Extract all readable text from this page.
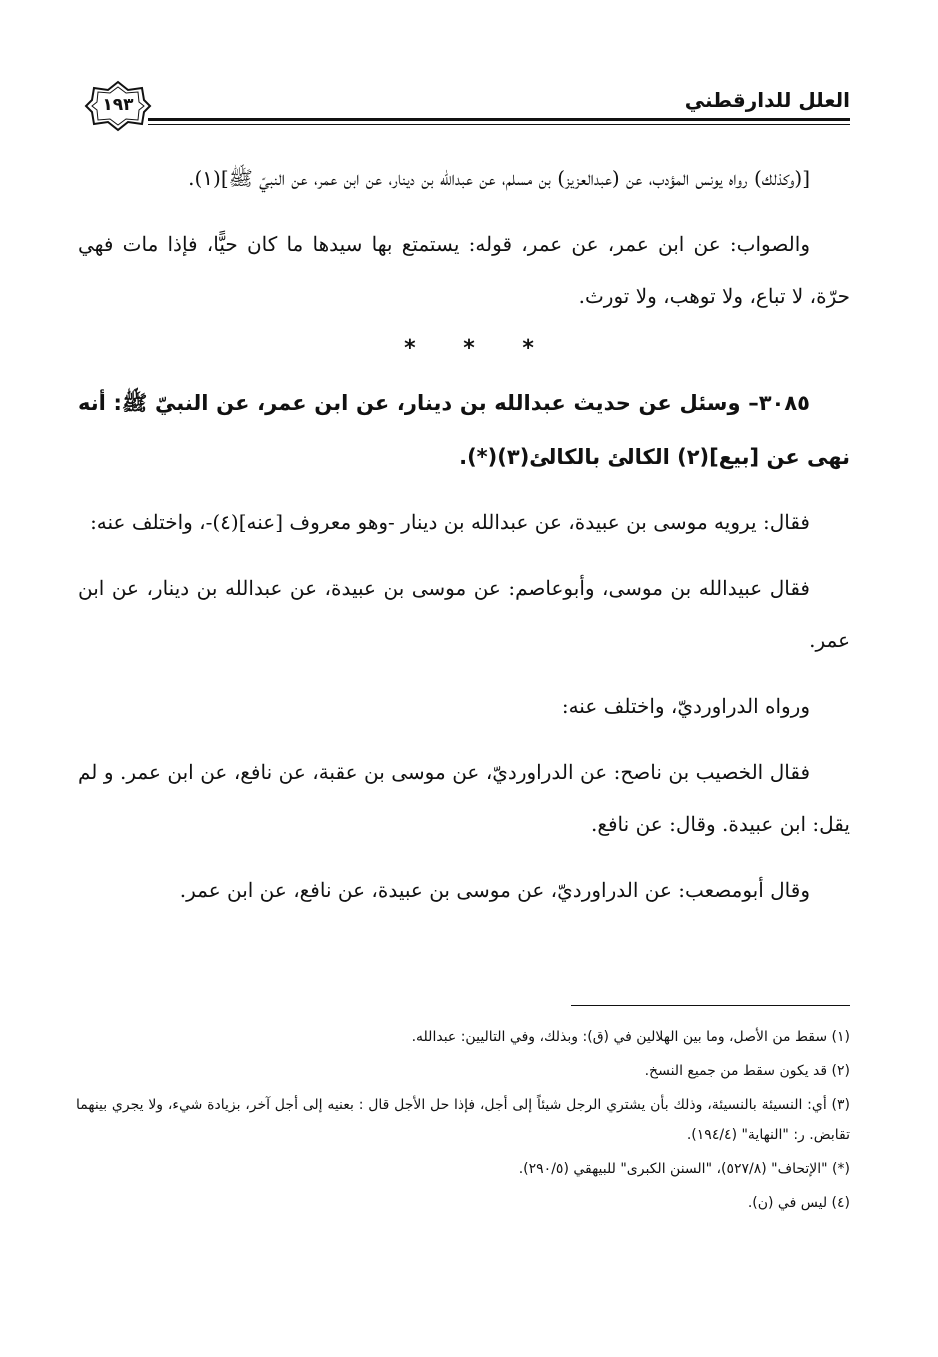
١٩٣	العلل للدارقطني

[(وكذلك) رواه يونس المؤدب، عن (عبدالعزيز) بن مسلم، عن عبدالله بن دينار، عن ابن عمر، عن النبيّ ﷺ](١).

والصواب: عن ابن عمر، عن عمر، قوله: يستمتع بها سيدها ما كان حيًّا، فإذا مات فهي حرّة، لا تباع، ولا توهب، ولا تورث.

* * *

٣٠٨٥– وسئل عن حديث عبدالله بن دينار، عن ابن عمر، عن النبيّ ﷺ: أنه نهى عن [بيع](٢) الكالئ بالكالئ(٣)(*).

فقال: يرويه موسى بن عبيدة، عن عبدالله بن دينار -وهو معروف [عنه](٤)-، واختلف عنه:

فقال عبيدالله بن موسى، وأبوعاصم: عن موسى بن عبيدة، عن عبدالله بن دينار، عن ابن عمر.

ورواه الدراورديّ، واختلف عنه:

فقال الخصيب بن ناصح: عن الدراورديّ، عن موسى بن عقبة، عن نافع، عن ابن عمر. و لم يقل: ابن عبيدة. وقال: عن نافع.

وقال أبومصعب: عن الدراورديّ، عن موسى بن عبيدة، عن نافع، عن ابن عمر.

(١) سقط من الأصل، وما بين الهلالين في (ق): وبذلك، وفي التاليين: عبدالله.

(٢) قد يكون سقط من جميع النسخ.

(٣) أي: النسيئة بالنسيئة، وذلك بأن يشتري الرجل شيئاً إلى أجل، فإذا حل الأجل قال : بعنيه إلى أجل آخر، بزيادة شيء، ولا يجري بينهما تقابض. ر: "النهاية" (١٩٤/٤).

(*) "الإتحاف" (٥٢٧/٨)، "السنن الكبرى" للبيهقي (٢٩٠/٥).

(٤) ليس في (ن).
